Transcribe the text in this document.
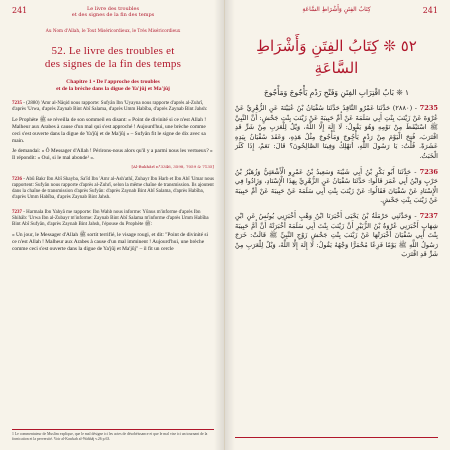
241	Le livre des troubles
et des signes de la fin des temps
Au Nom d'Allah, le Tout Miséricordieux, le Très Miséricordieux
52. Le livre des troubles et
des signes de la fin des temps
Chapitre 1 • De l'approche des troubles
et de la brèche dans la digue de Ya'jûj et Ma'jûj
7235 - (2880) 'Amr al-Nâqid nous rapporte: Sufyân Ibn 'Uyayna nous rapporte d'après al-Zuhrî, d'après 'Urwa, d'après Zaynab Bint Abî Salama, d'après Umm Habîba, d'après Zaynab Bint Jahsh:
Le Prophète ﷺ se réveilla de son sommeil en disant: « Point de divinité si ce n'est Allah ! Malheur aux Arabes à cause d'un mal qui s'est approché ! Aujourd'hui, une brèche comme ceci s'est ouverte dans la digue de Ya'jûj et de Ma'jûj » – Sufyân fit le signe de dix avec sa main.
Je demandai: « Ô Messager d'Allah ! Périrons-nous alors qu'il y a parmi nous les vertueux? » Il répondit: « Oui, si le mal abonde¹ ».
[Al-Bukhârî n°3346, 3598, 7059 & 7135]
7236 - Abû Bakr Ibn Abî Shayba, Sa'îd Ibn 'Amr al-Ash'athî, Zuhayr Ibn Harb et Ibn Abî 'Umar nous rapportent: Sufyân nous rapporte d'après al-Zuhrî, selon la même chaîne de transmission. Ils ajoutent dans la chaîne de transmission d'après Sufyân: d'après Zaynab Bint Abî Salama, d'après Habîba, d'après Umm Habîba, d'après Zaynab Bint Jahsh.
7237 - Harmala Ibn Yahyâ me rapporte: Ibn Wahb nous informe: Yûnus m'informe d'après Ibn Shihâb: 'Urwa Ibn al-Zubayr m'informe: Zaynab Bint Abî Salama m'informe d'après Umm Habîba Bint Abî Sufyân, d'après Zaynab Bint Jahsh, l'épouse du Prophète ﷺ:
« Un jour, le Messager d'Allah ﷺ sortit terrifié, le visage rougi, et dit: "Point de divinité si ce n'est Allah ! Malheur aux Arabes à cause d'un mal imminent ! Aujourd'hui, une brèche comme ceci s'est ouverte dans la digue de Ya'jûj et Ma'jûj" – il fit un cercle
1 Le commentateur de Muslim explique, que le mal désigne ici les actes de désobéissance et que le mal vise ici un tournant de la fornication et la perversité. Voir al-Kawkab al-Wahhâj v.26 p.63.
241
كِتَابُ الفِتَنِ وَأَشْرَاطِ السَّاعَةِ
٥٢ ❊ كِتَابُ الفِتَنِ وَأَشْرَاطِ السَّاعَةِ
١ ❊ بَابُ اقْتِرَابِ الفِتَنِ وَفَتْحِ رَدْمِ يَأْجُوجَ وَمَأْجُوجَ
7235 - (٢٨٨٠) حَدَّثَنَا عَمْرٌو النَّاقِدُ حَدَّثَنَا سُفْيَانُ بْنُ عُيَيْنَةَ عَنِ الزُّهْرِيِّ عَنْ عُرْوَةَ عَنْ زَيْنَبَ بِنْتِ أَبِي سَلَمَةَ عَنْ أُمِّ حَبِيبَةَ عَنْ زَيْنَبَ بِنْتِ جَحْشٍ: أَنَّ النَّبِيَّ ﷺ اسْتَيْقَظَ مِنْ نَوْمِهِ وَهُوَ يَقُولُ: لَا إِلَهَ إِلَّا اللَّهُ، وَيْلٌ لِلْعَرَبِ مِنْ شَرٍّ قَدِ اقْتَرَبَ، فُتِحَ الْيَوْمَ مِنْ رَدْمِ يَأْجُوجَ وَمَأْجُوجَ مِثْلُ هَذِهِ، وَعَقَدَ سُفْيَانُ بِيَدِهِ عَشَرَةً. قُلْتُ: يَا رَسُولَ اللَّهِ، أَنَهْلِكُ وَفِينَا الصَّالِحُونَ؟ قَالَ: نَعَمْ، إِذَا كَثُرَ الْخَبَثُ.
7236 - حَدَّثَنَا أَبُو بَكْرِ بْنُ أَبِي شَيْبَةَ وَسَعِيدُ بْنُ عَمْرٍو الْأَشْعَثِيُّ وَزُهَيْرُ بْنُ حَرْبٍ وَابْنُ أَبِي عُمَرَ قَالُوا: حَدَّثَنَا سُفْيَانُ عَنِ الزُّهْرِيِّ بِهَذَا الْإِسْنَادِ، وَزَادُوا فِي الْإِسْنَادِ عَنْ سُفْيَانَ فَقَالُوا: عَنْ زَيْنَبَ بِنْتِ أَبِي سَلَمَةَ عَنْ حَبِيبَةَ عَنْ أُمِّ حَبِيبَةَ عَنْ زَيْنَبَ بِنْتِ جَحْشٍ.
7237 - وَحَدَّثَنِي حَرْمَلَةُ بْنُ يَحْيَى أَخْبَرَنَا ابْنُ وَهْبٍ أَخْبَرَنِي يُونُسُ عَنِ ابْنِ شِهَابٍ أَخْبَرَنِي عُرْوَةُ بْنُ الزُّبَيْرِ أَنَّ زَيْنَبَ بِنْتَ أَبِي سَلَمَةَ أَخْبَرَتْهُ أَنَّ أُمَّ حَبِيبَةَ بِنْتَ أَبِي سُفْيَانَ أَخْبَرَتْهَا عَنْ زَيْنَبَ بِنْتِ جَحْشٍ زَوْجِ النَّبِيِّ ﷺ قَالَتْ: خَرَجَ رَسُولُ اللَّهِ ﷺ يَوْمًا فَزِعًا مُحْمَرًّا وَجْهُهُ يَقُولُ: لَا إِلَهَ إِلَّا اللَّهُ، وَيْلٌ لِلْعَرَبِ مِنْ شَرٍّ قَدِ اقْتَرَبَ
